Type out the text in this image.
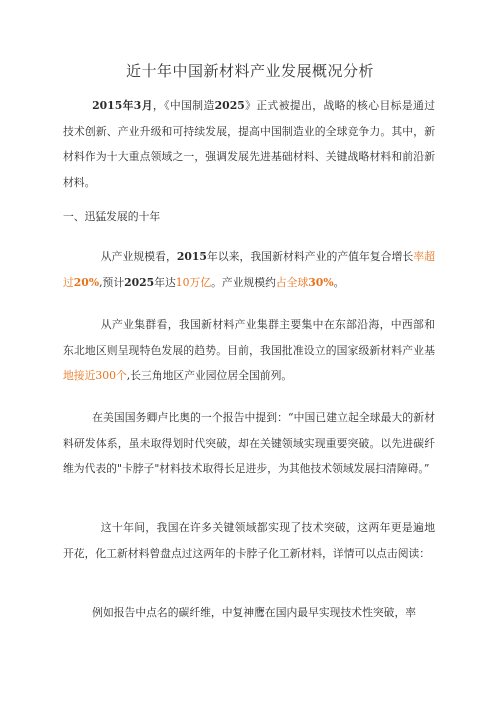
近十年中国新材料产业发展概况分析

2015年3月，《中国制造2025》正式被提出，战略的核心目标是通过技术创新、产业升级和可持续发展，提高中国制造业的全球竞争力。其中，新材料作为十大重点领域之一，强调发展先进基础材料、关键战略材料和前沿新材料。

一、迅猛发展的十年

从产业规模看，2015年以来，我国新材料产业的产值年复合增长率超过20%,预计2025年达10万亿。产业规模约占全球30%。

从产业集群看，我国新材料产业集群主要集中在东部沿海，中西部和东北地区则呈现特色发展的趋势。目前，我国批准设立的国家级新材料产业基地接近300个,长三角地区产业园位居全国前列。

在美国国务卿卢比奥的一个报告中提到：“中国已建立起全球最大的新材料研发体系，虽未取得划时代突破，却在关键领域实现重要突破。以先进碳纤维为代表的"卡脖子"材料技术取得长足进步，为其他技术领域发展扫清障碍。”

这十年间，我国在许多关键领域都实现了技术突破，这两年更是遍地开花，化工新材料曾盘点过这两年的卡脖子化工新材料，详情可以点击阅读：

例如报告中点名的碳纤维，中复神鹰在国内最早实现技术性突破，率
